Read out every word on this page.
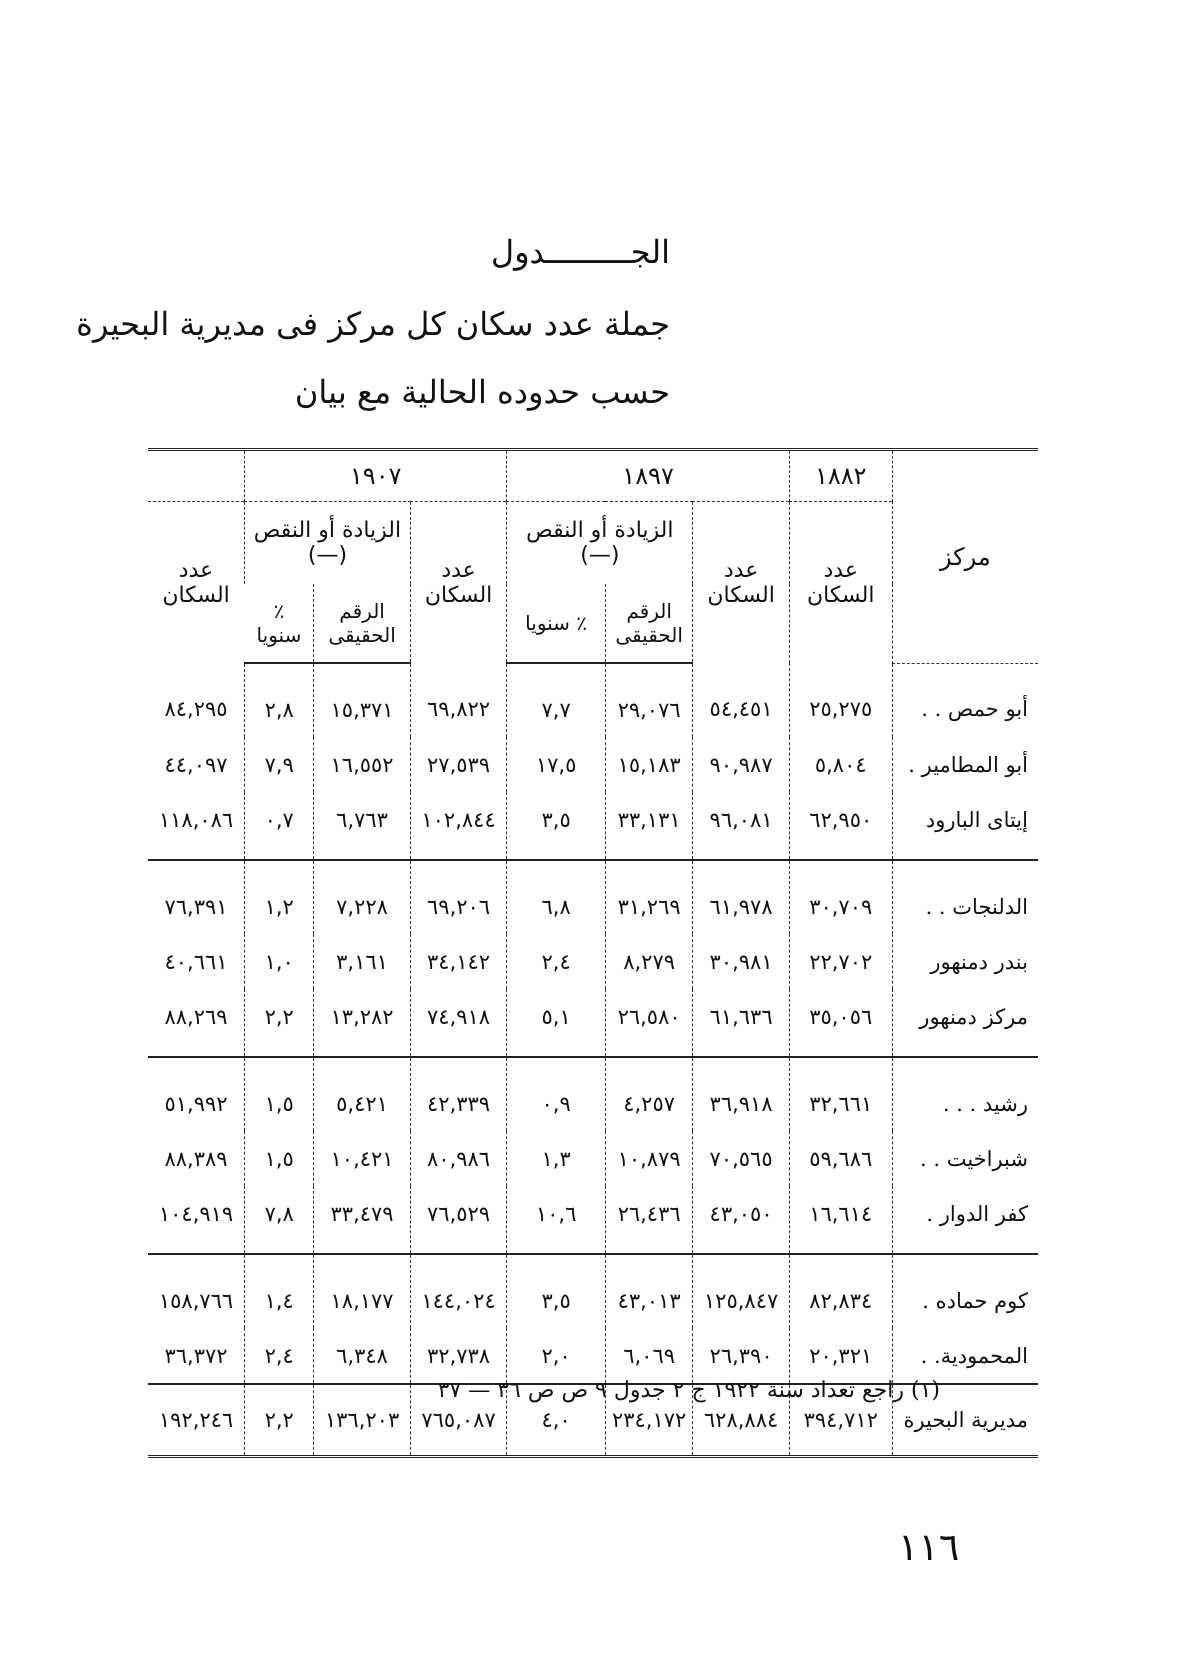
الجـــــــــدول
جملة عدد سكان كل مركز فى مديرية البحيرة
حسب حدوده الحالية مع بيان
مركز	١٨٨٢	١٨٩٧			١٩٠٧			
	عدد السكان	عدد السكان	الزيادة أو النقص (—)		عدد السكان	الزيادة أو النقص (—)		عدد السكان
			الرقم الحقيقى	٪ سنويا		الرقم الحقيقى	٪ سنويا	
أبو حمص . .	٢٥,٢٧٥	٥٤,٤٥١	٢٩,٠٧٦	٧,٧	٦٩,٨٢٢	١٥,٣٧١	٢,٨	٨٤,٢٩٥
أبو المطامير .	٥,٨٠٤	٩٠,٩٨٧	١٥,١٨٣	١٧,٥	٢٧,٥٣٩	١٦,٥٥٢	٧,٩	٤٤,٠٩٧
إيتاى البارود	٦٢,٩٥٠	٩٦,٠٨١	٣٣,١٣١	٣,٥	١٠٢,٨٤٤	٦,٧٦٣	٠,٧	١١٨,٠٨٦
الدلنجات . .	٣٠,٧٠٩	٦١,٩٧٨	٣١,٢٦٩	٦,٨	٦٩,٢٠٦	٧,٢٢٨	١,٢	٧٦,٣٩١
بندر دمنهور	٢٢,٧٠٢	٣٠,٩٨١	٨,٢٧٩	٢,٤	٣٤,١٤٢	٣,١٦١	١,٠	٤٠,٦٦١
مركز دمنهور	٣٥,٠٥٦	٦١,٦٣٦	٢٦,٥٨٠	٥,١	٧٤,٩١٨	١٣,٢٨٢	٢,٢	٨٨,٢٦٩
رشيد . . .	٣٢,٦٦١	٣٦,٩١٨	٤,٢٥٧	٠,٩	٤٢,٣٣٩	٥,٤٢١	١,٥	٥١,٩٩٢
شبراخيت . .	٥٩,٦٨٦	٧٠,٥٦٥	١٠,٨٧٩	١,٣	٨٠,٩٨٦	١٠,٤٢١	١,٥	٨٨,٣٨٩
كفر الدوار .	١٦,٦١٤	٤٣,٠٥٠	٢٦,٤٣٦	١٠,٦	٧٦,٥٢٩	٣٣,٤٧٩	٧,٨	١٠٤,٩١٩
كوم حماده .	٨٢,٨٣٤	١٢٥,٨٤٧	٤٣,٠١٣	٣,٥	١٤٤,٠٢٤	١٨,١٧٧	١,٤	١٥٨,٧٦٦
المحمودية. .	٢٠,٣٢١	٢٦,٣٩٠	٦,٠٦٩	٢,٠	٣٢,٧٣٨	٦,٣٤٨	٢,٤	٣٦,٣٧٢
مديرية البحيرة	٣٩٤,٧١٢	٦٢٨,٨٨٤	٢٣٤,١٧٢	٤,٠	٧٦٥,٠٨٧	١٣٦,٢٠٣	٢,٢	١٩٢,٢٤٦
(١) راجع تعداد سنة ١٩٢٢ ج ٢ جدول ٩ ص ص ٣٦ — ٣٧
١١٦
